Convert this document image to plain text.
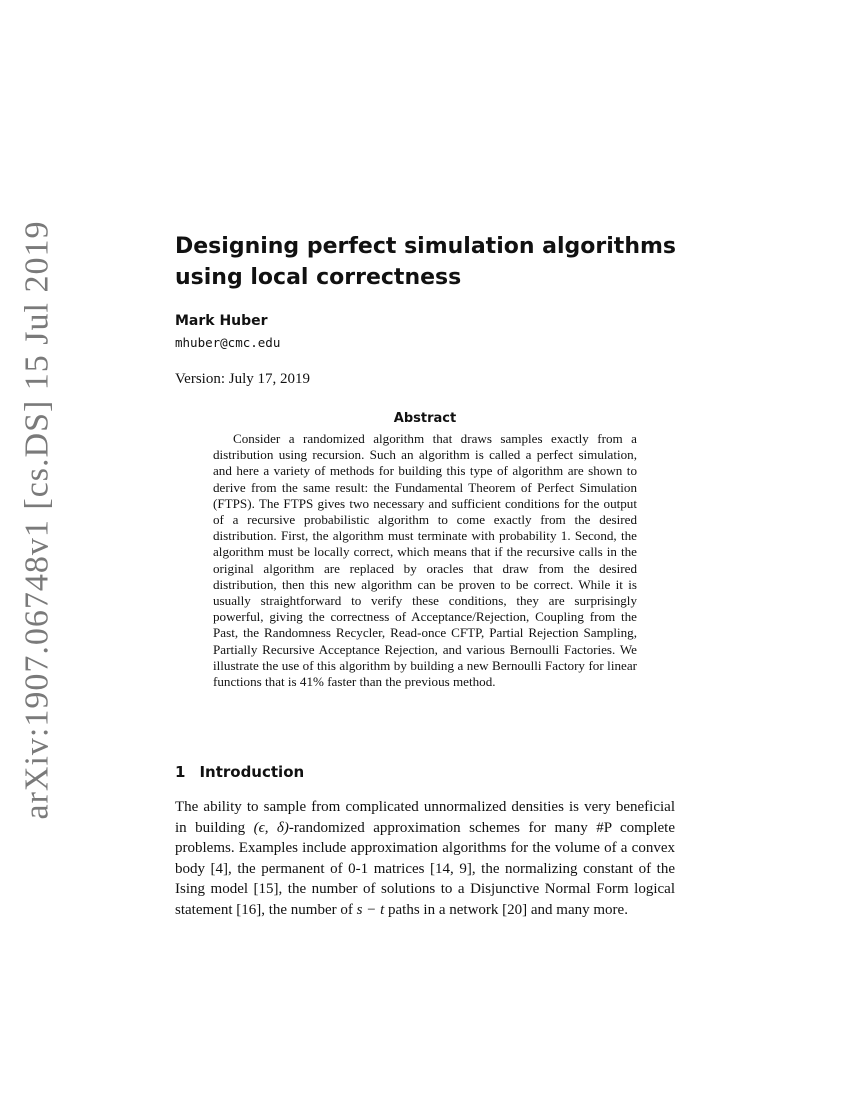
arXiv:1907.06748v1 [cs.DS] 15 Jul 2019	Designing perfect simulation algorithms using local correctness
Mark Huber
mhuber@cmc.edu
Version: July 17, 2019
Abstract
Consider a randomized algorithm that draws samples exactly from a distribution using recursion. Such an algorithm is called a perfect simulation, and here a variety of methods for building this type of algorithm are shown to derive from the same result: the Fundamental Theorem of Perfect Simulation (FTPS). The FTPS gives two necessary and sufficient conditions for the output of a recursive probabilistic algorithm to come exactly from the desired distribution. First, the algorithm must terminate with probability 1. Second, the algorithm must be locally correct, which means that if the recursive calls in the original algorithm are replaced by oracles that draw from the desired distribution, then this new algorithm can be proven to be correct. While it is usually straightforward to verify these conditions, they are surprisingly powerful, giving the correctness of Acceptance/Rejection, Coupling from the Past, the Randomness Recycler, Read-once CFTP, Partial Rejection Sampling, Partially Recursive Acceptance Rejection, and various Bernoulli Factories. We illustrate the use of this algorithm by building a new Bernoulli Factory for linear functions that is 41% faster than the previous method.
1 Introduction
The ability to sample from complicated unnormalized densities is very beneficial in building (ϵ, δ)-randomized approximation schemes for many #P complete problems. Examples include approximation algorithms for the volume of a convex body [4], the permanent of 0-1 matrices [14, 9], the normalizing constant of the Ising model [15], the number of solutions to a Disjunctive Normal Form logical statement [16], the number of s − t paths in a network [20] and many more.
